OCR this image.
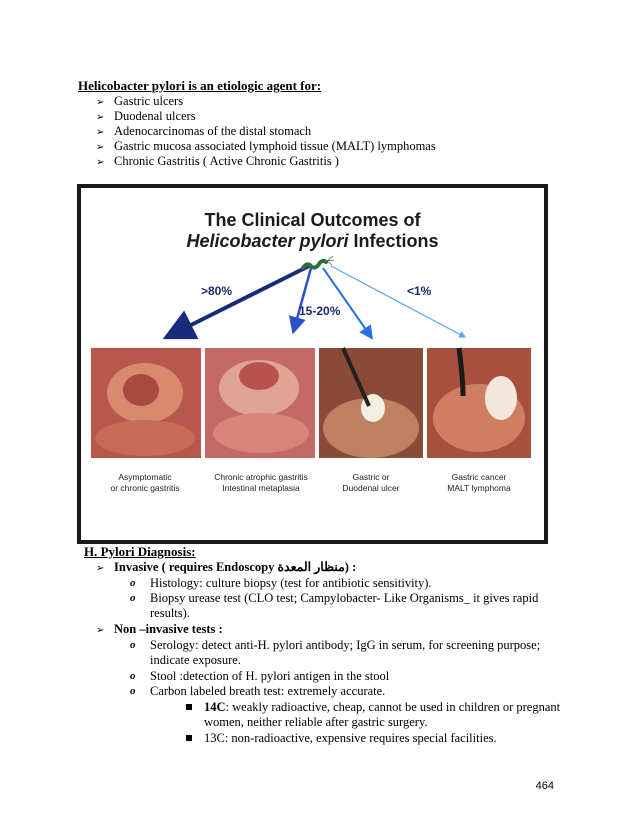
Helicobacter pylori is an etiologic agent for:
➢ Gastric ulcers
➢ Duodenal ulcers
➢ Adenocarcinomas of the distal stomach
➢ Gastric mucosa associated lymphoid tissue (MALT) lymphomas
➢ Chronic Gastritis ( Active Chronic Gastritis )
The Clinical Outcomes of
Helicobacter pylori Infections
>80%
15-20%
<1%
Asymptomatic
or chronic gastritis
Chronic atrophic gastritis
Intestinal metaplasia
Gastric or
Duodenal ulcer
Gastric cancer
MALT lymphoma
H. Pylori Diagnosis:
➢ Invasive ( requires Endoscopy منظار المعدة) :
o Histology: culture biopsy (test for antibiotic sensitivity).
o Biopsy urease test (CLO test; Campylobacter- Like Organisms_ it gives rapid results).
➢ Non –invasive tests :
o Serology: detect anti-H. pylori antibody; IgG in serum, for screening purpose; indicate exposure.
o Stool :detection of H. pylori antigen in the stool
o Carbon labeled breath test: extremely accurate.
14C: weakly radioactive, cheap, cannot be used in children or pregnant women, neither reliable after gastric surgery.
13C: non-radioactive, expensive requires special facilities.
464
